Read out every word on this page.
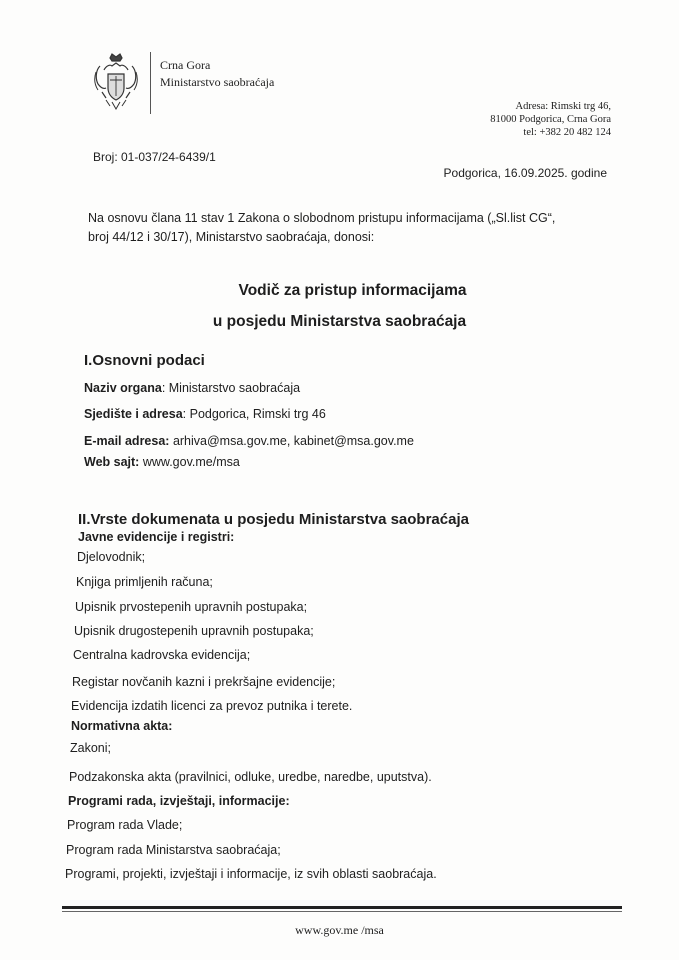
Crna Gora
Ministarstvo saobraćaja
Adresa: Rimski trg 46,
81000 Podgorica, Crna Gora
tel: +382 20 482 124
Broj: 01-037/24-6439/1
Podgorica, 16.09.2025. godine
Na osnovu člana 11 stav 1 Zakona o slobodnom pristupu informacijama („Sl.list CG“,
broj 44/12 i 30/17), Ministarstvo saobraćaja, donosi:
Vodič za pristup informacijama
u posjedu Ministarstva saobraćaja
I.Osnovni podaci
Naziv organa: Ministarstvo saobraćaja
Sjedište i adresa: Podgorica, Rimski trg 46
E-mail adresa: arhiva@msa.gov.me, kabinet@msa.gov.me
Web sajt: www.gov.me/msa
II.Vrste dokumenata u posjedu Ministarstva saobraćaja
Javne evidencije i registri:
Djelovodnik;
Knjiga primljenih računa;
Upisnik prvostepenih upravnih postupaka;
Upisnik drugostepenih upravnih postupaka;
Centralna kadrovska evidencija;
Registar novčanih kazni i prekršajne evidencije;
Evidencija izdatih licenci za prevoz putnika i terete.
Normativna akta:
Zakoni;
Podzakonska akta (pravilnici, odluke, uredbe, naredbe, uputstva).
Programi rada, izvještaji, informacije:
Program rada Vlade;
Program rada Ministarstva saobraćaja;
Programi, projekti, izvještaji i informacije, iz svih oblasti saobraćaja.
www.gov.me /msa
